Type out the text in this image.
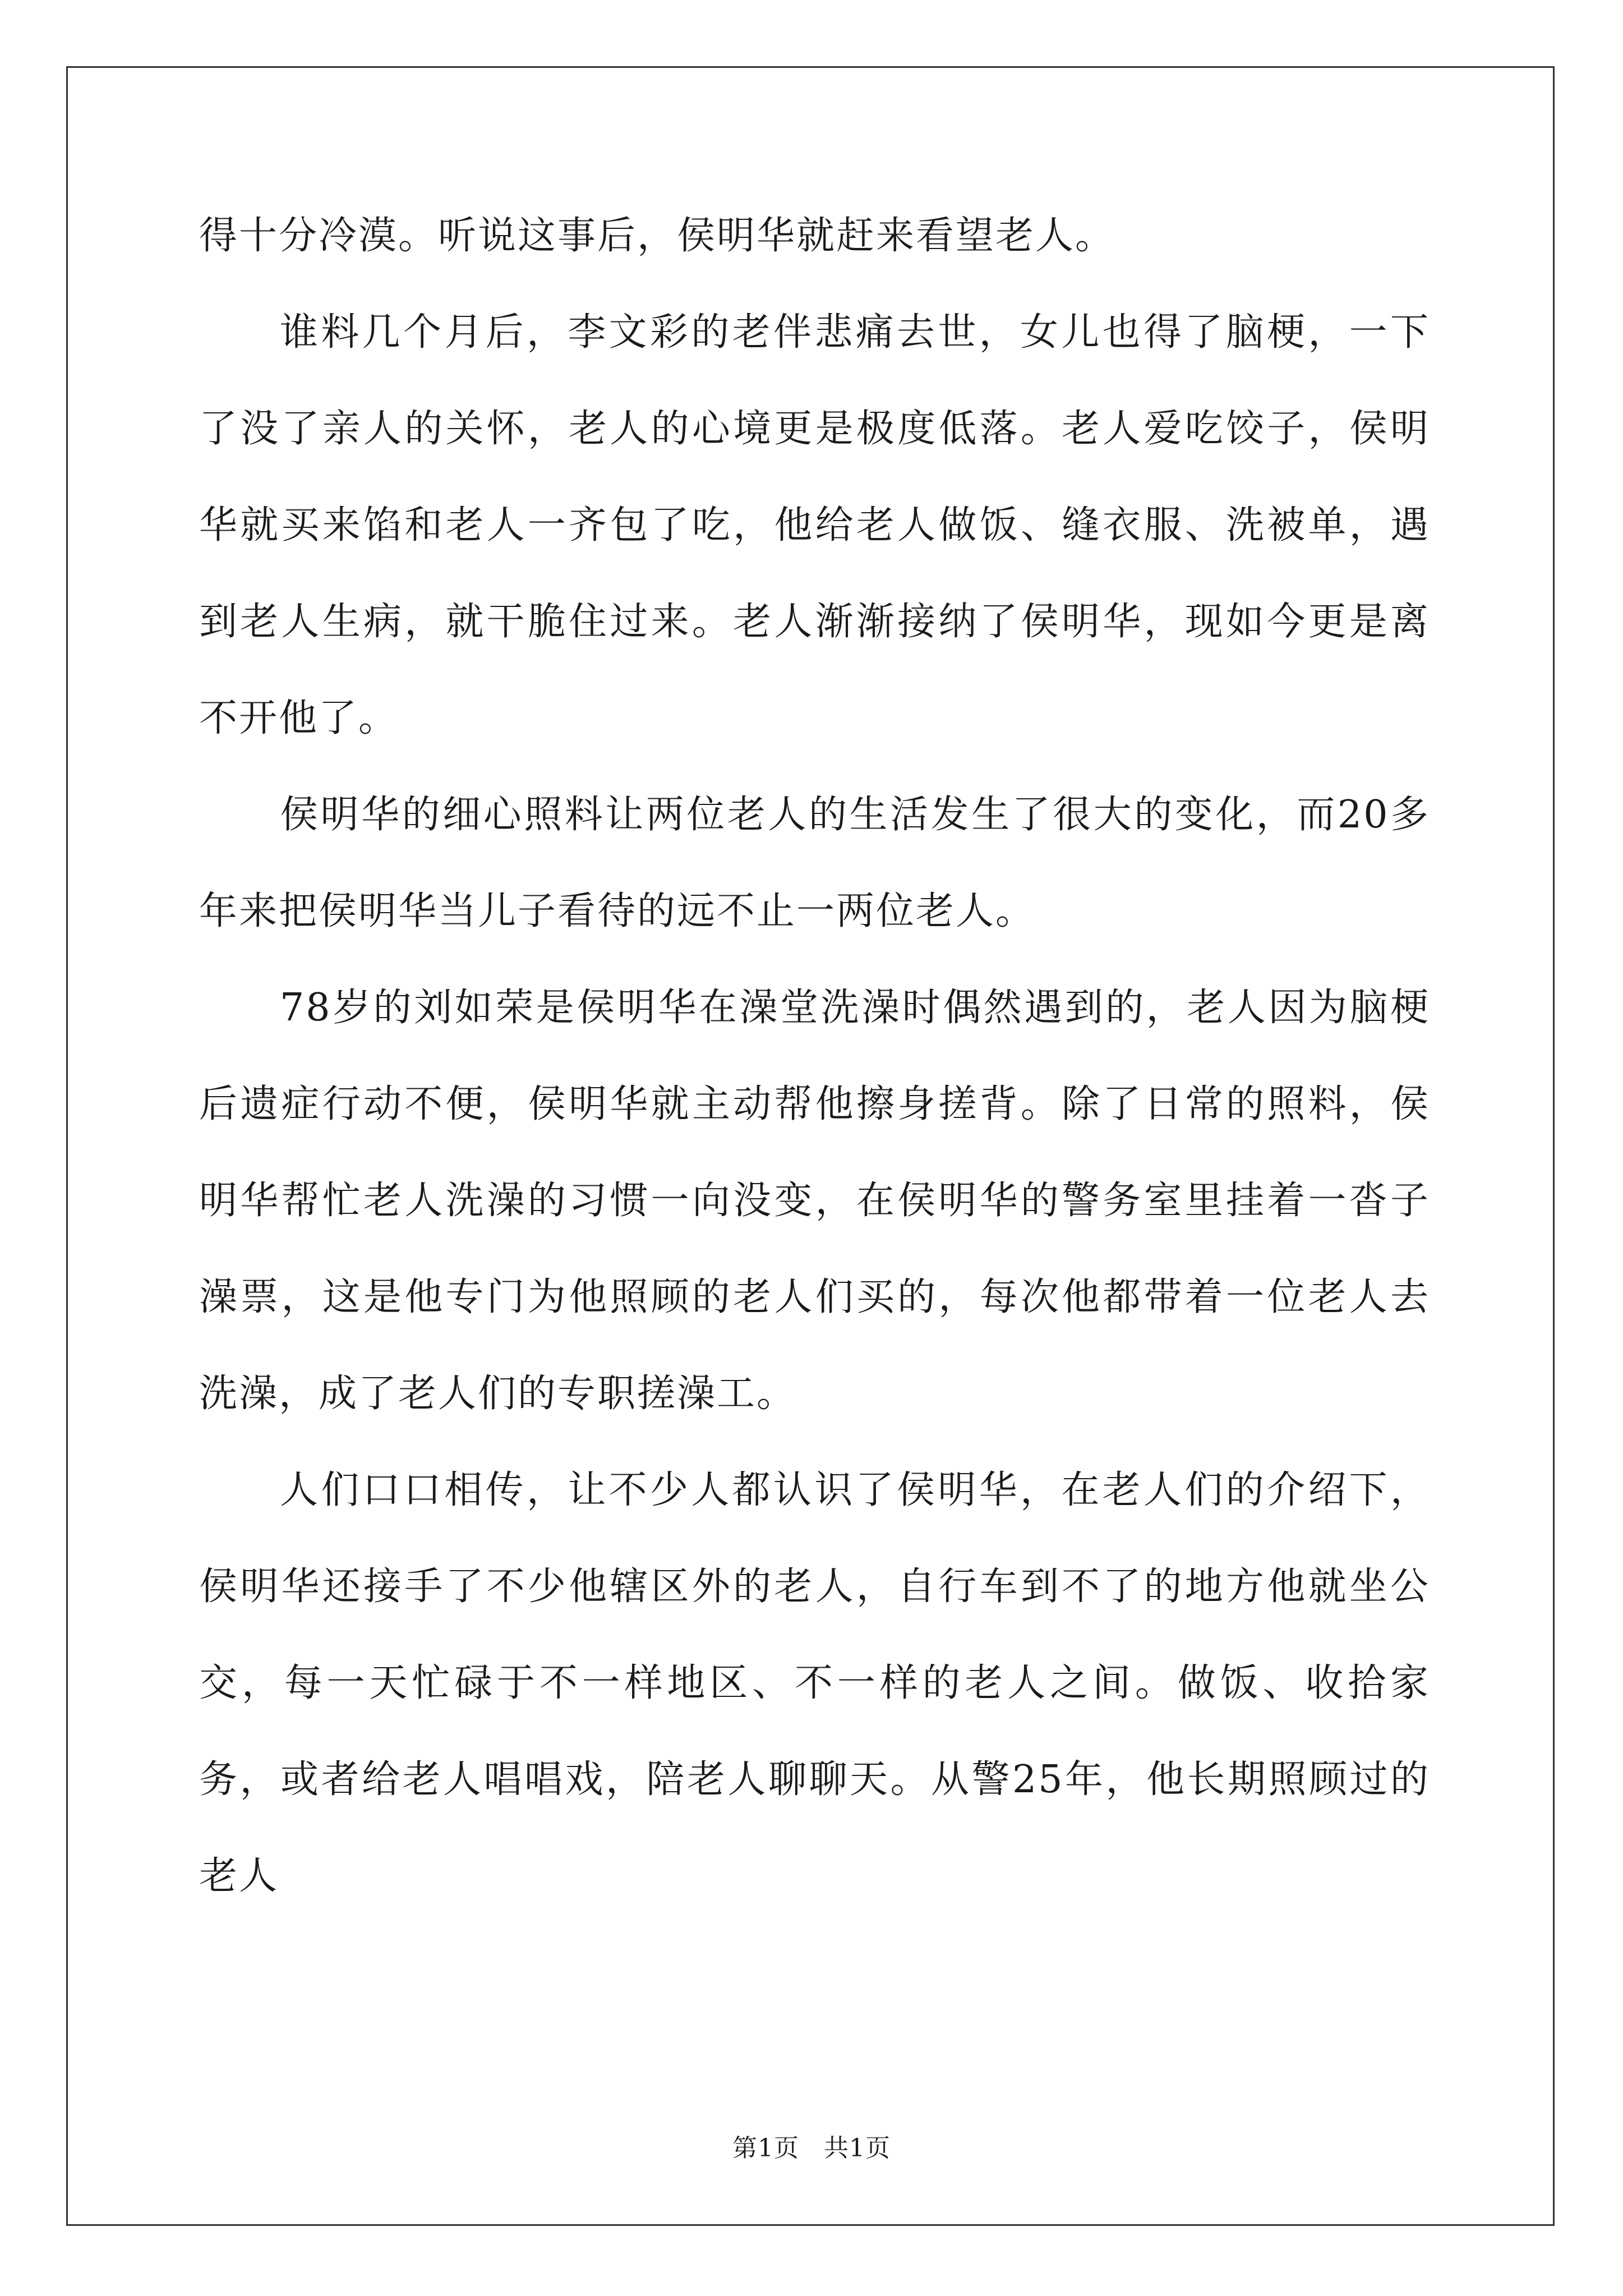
得十分冷漠。听说这事后，侯明华就赶来看望老人。

谁料几个月后，李文彩的老伴悲痛去世，女儿也得了脑梗，一下了没了亲人的关怀，老人的心境更是极度低落。老人爱吃饺子，侯明华就买来馅和老人一齐包了吃，他给老人做饭、缝衣服、洗被单，遇到老人生病，就干脆住过来。老人渐渐接纳了侯明华，现如今更是离不开他了。

侯明华的细心照料让两位老人的生活发生了很大的变化，而20多年来把侯明华当儿子看待的远不止一两位老人。

78岁的刘如荣是侯明华在澡堂洗澡时偶然遇到的，老人因为脑梗后遗症行动不便，侯明华就主动帮他擦身搓背。除了日常的照料，侯明华帮忙老人洗澡的习惯一向没变，在侯明华的警务室里挂着一沓子澡票，这是他专门为他照顾的老人们买的，每次他都带着一位老人去洗澡，成了老人们的专职搓澡工。

人们口口相传，让不少人都认识了侯明华，在老人们的介绍下，侯明华还接手了不少他辖区外的老人，自行车到不了的地方他就坐公交，每一天忙碌于不一样地区、不一样的老人之间。做饭、收拾家务，或者给老人唱唱戏，陪老人聊聊天。从警25年，他长期照顾过的老人

第1页 共1页
